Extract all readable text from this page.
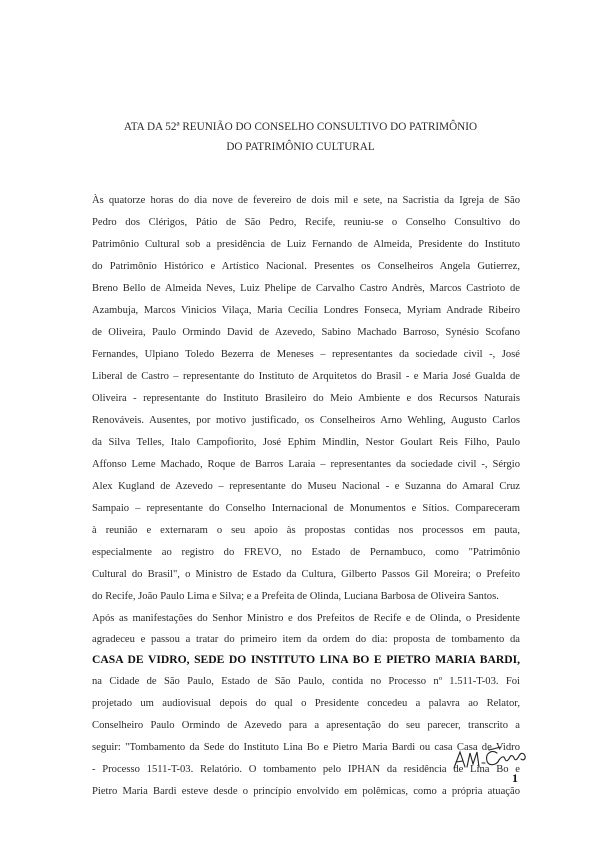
ATA DA 52ª REUNIÃO DO CONSELHO CONSULTIVO DO PATRIMÔNIO
DO PATRIMÔNIO CULTURAL
Às quatorze horas do dia nove de fevereiro de dois mil e sete, na Sacristia da Igreja de São
Pedro dos Clérigos, Pátio de São Pedro, Recife, reuniu-se o Conselho Consultivo do
Patrimônio Cultural sob a presidência de Luiz Fernando de Almeida, Presidente do Instituto
do Patrimônio Histórico e Artístico Nacional. Presentes os Conselheiros Angela Gutierrez,
Breno Bello de Almeida Neves, Luiz Phelipe de Carvalho Castro Andrès, Marcos Castrioto de
Azambuja, Marcos Vinicios Vilaça, Maria Cecília Londres Fonseca, Myriam Andrade Ribeiro
de Oliveira, Paulo Ormindo David de Azevedo, Sabino Machado Barroso, Synésio Scofano
Fernandes, Ulpiano Toledo Bezerra de Meneses – representantes da sociedade civil -, José
Liberal de Castro – representante do Instituto de Arquitetos do Brasil - e Maria José Gualda de
Oliveira - representante do Instituto Brasileiro do Meio Ambiente e dos Recursos Naturais
Renováveis. Ausentes, por motivo justificado, os Conselheiros Arno Wehling, Augusto Carlos
da Silva Telles, Italo Campofiorito, José Ephim Mindlin, Nestor Goulart Reis Filho, Paulo
Affonso Leme Machado, Roque de Barros Laraia – representantes da sociedade civil -, Sérgio
Alex Kugland de Azevedo – representante do Museu Nacional - e Suzanna do Amaral Cruz
Sampaio – representante do Conselho Internacional de Monumentos e Sítios. Compareceram
à reunião e externaram o seu apoio às propostas contidas nos processos em pauta,
especialmente ao registro do FREVO, no Estado de Pernambuco, como "Patrimônio
Cultural do Brasil", o Ministro de Estado da Cultura, Gilberto Passos Gil Moreira; o Prefeito
do Recife, João Paulo Lima e Silva; e a Prefeita de Olinda, Luciana Barbosa de Oliveira Santos.
Após as manifestações do Senhor Ministro e dos Prefeitos de Recife e de Olinda, o Presidente
agradeceu e passou a tratar do primeiro item da ordem do dia: proposta de tombamento da
CASA DE VIDRO, SEDE DO INSTITUTO LINA BO E PIETRO MARIA BARDI,
na Cidade de São Paulo, Estado de São Paulo, contida no Processo nº 1.511-T-03. Foi
projetado um audiovisual depois do qual o Presidente concedeu a palavra ao Relator,
Conselheiro Paulo Ormindo de Azevedo para a apresentação do seu parecer, transcrito a
seguir: "Tombamento da Sede do Instituto Lina Bo e Pietro Maria Bardi ou casa Casa de Vidro
- Processo 1511-T-03. Relatório. O tombamento pelo IPHAN da residência de Lina Bo e
Pietro Maria Bardi esteve desde o princípio envolvido em polêmicas, como a própria atuação
1
